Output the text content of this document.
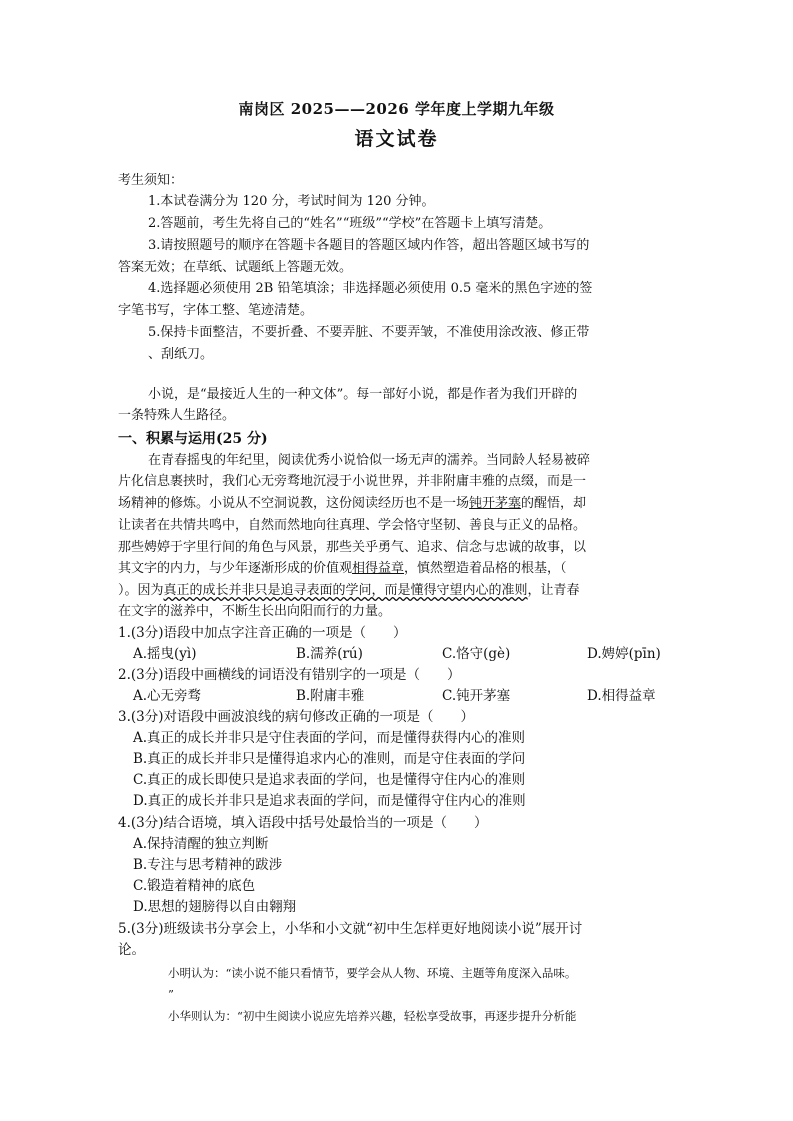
南岗区 2025——2026 学年度上学期九年级
语文试卷
考生须知：
1.本试卷满分为 120 分，考试时间为 120 分钟。
2.答题前，考生先将自己的“姓名”“班级”“学校”在答题卡上填写清楚。
3.请按照题号的顺序在答题卡各题目的答题区域内作答，超出答题区域书写的
答案无效；在草纸、试题纸上答题无效。
4.选择题必须使用 2B 铅笔填涂；非选择题必须使用 0.5 毫米的黑色字迹的签
字笔书写，字体工整、笔迹清楚。
5.保持卡面整洁，不要折叠、不要弄脏、不要弄皱，不准使用涂改液、修正带
、刮纸刀。
小说，是“最接近人生的一种文体”。每一部好小说，都是作者为我们开辟的
一条特殊人生路径。
一、积累与运用(25 分)
在青春摇曳的年纪里，阅读优秀小说恰似一场无声的濡养。当同龄人轻易被碎
片化信息裹挟时，我们心无旁骛地沉浸于小说世界，并非附庸丰雅的点缀，而是一
场精神的修炼。小说从不空洞说教，这份阅读经历也不是一场钝开茅塞的醒悟，却
让读者在共情共鸣中，自然而然地向往真理、学会恪守坚韧、善良与正义的品格。
那些娉婷于字里行间的角色与风景，那些关乎勇气、追求、信念与忠诚的故事，以
其文字的内力，与少年逐渐形成的价值观相得益章，慎然塑造着品格的根基，（
）。因为真正的成长并非只是追寻表面的学问，而是懂得守望内心的准则，让青春
在文字的滋养中，不断生长出向阳而行的力量。
1.(3分)语段中加点字注音正确的一项是（　　）
A.摇曳(yì)	B.濡养(rú)	C.恪守(gè)	D.娉婷(pīn)
2.(3分)语段中画横线的词语没有错别字的一项是（　　）
A.心无旁骛	B.附庸丰雅	C.钝开茅塞	D.相得益章
3.(3分)对语段中画波浪线的病句修改正确的一项是（　　）
A.真正的成长并非只是守住表面的学问，而是懂得获得内心的准则
B.真正的成长并非只是懂得追求内心的准则，而是守住表面的学问
C.真正的成长即使只是追求表面的学问，也是懂得守住内心的准则
D.真正的成长并非只是追求表面的学问，而是懂得守住内心的准则
4.(3分)结合语境，填入语段中括号处最恰当的一项是（　　）
A.保持清醒的独立判断
B.专注与思考精神的跋涉
C.锻造着精神的底色
D.思想的翅膀得以自由翱翔
5.(3分)班级读书分享会上，小华和小文就“初中生怎样更好地阅读小说”展开讨
论。
小明认为：“读小说不能只看情节，要学会从人物、环境、主题等角度深入品味。
”
小华则认为：“初中生阅读小说应先培养兴趣，轻松享受故事，再逐步提升分析能
